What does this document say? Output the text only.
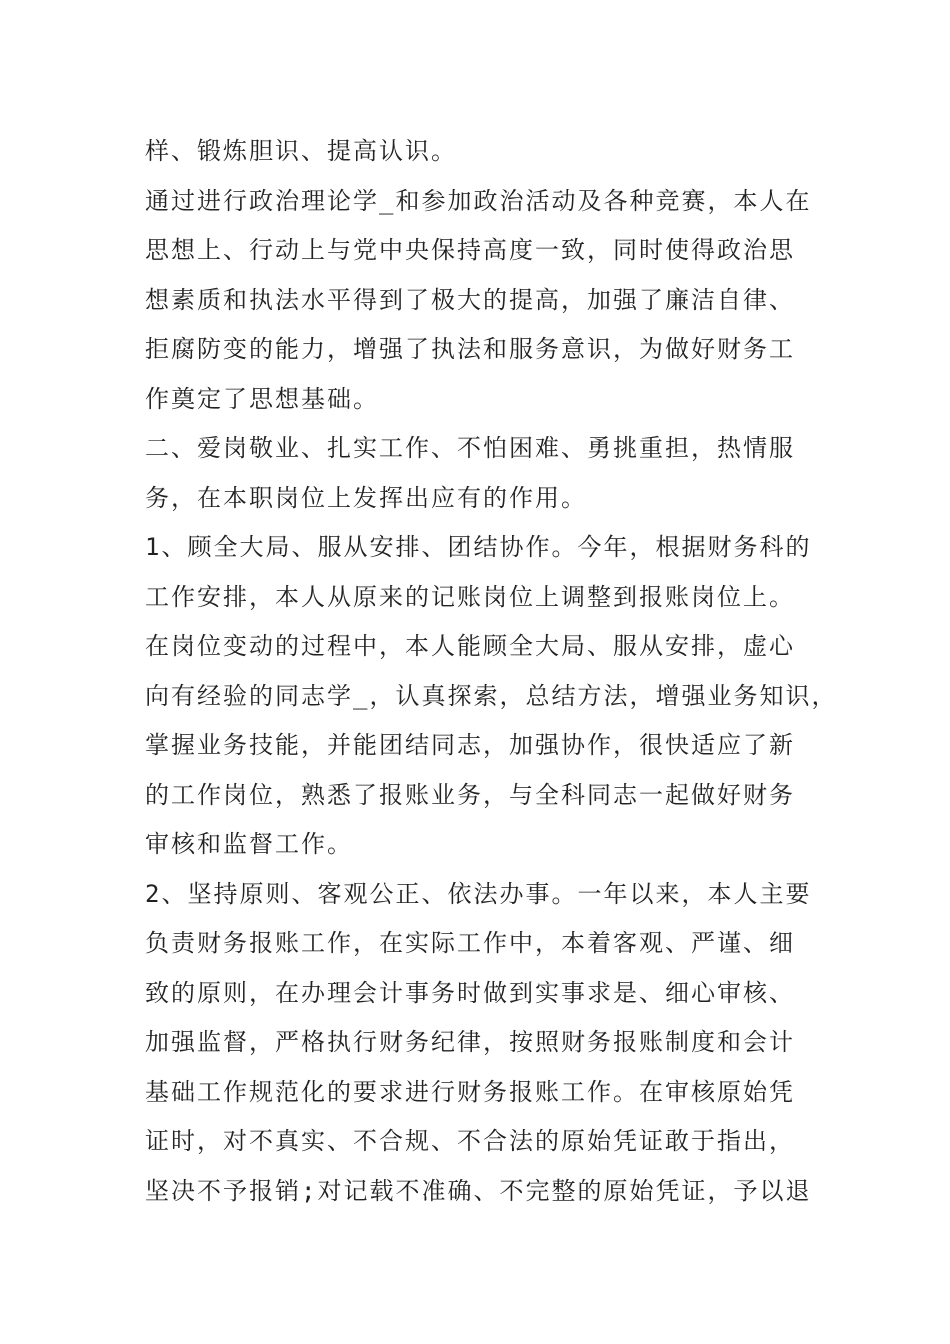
样、锻炼胆识、提高认识。
通过进行政治理论学_和参加政治活动及各种竞赛，本人在
思想上、行动上与党中央保持高度一致，同时使得政治思
想素质和执法水平得到了极大的提高，加强了廉洁自律、
拒腐防变的能力，增强了执法和服务意识，为做好财务工
作奠定了思想基础。
二、爱岗敬业、扎实工作、不怕困难、勇挑重担，热情服
务，在本职岗位上发挥出应有的作用。
1、顾全大局、服从安排、团结协作。今年，根据财务科的
工作安排，本人从原来的记账岗位上调整到报账岗位上。
在岗位变动的过程中，本人能顾全大局、服从安排，虚心
向有经验的同志学_，认真探索，总结方法，增强业务知识，
掌握业务技能，并能团结同志，加强协作，很快适应了新
的工作岗位，熟悉了报账业务，与全科同志一起做好财务
审核和监督工作。
2、坚持原则、客观公正、依法办事。一年以来，本人主要
负责财务报账工作，在实际工作中，本着客观、严谨、细
致的原则，在办理会计事务时做到实事求是、细心审核、
加强监督，严格执行财务纪律，按照财务报账制度和会计
基础工作规范化的要求进行财务报账工作。在审核原始凭
证时，对不真实、不合规、不合法的原始凭证敢于指出，
坚决不予报销;对记载不准确、不完整的原始凭证，予以退
